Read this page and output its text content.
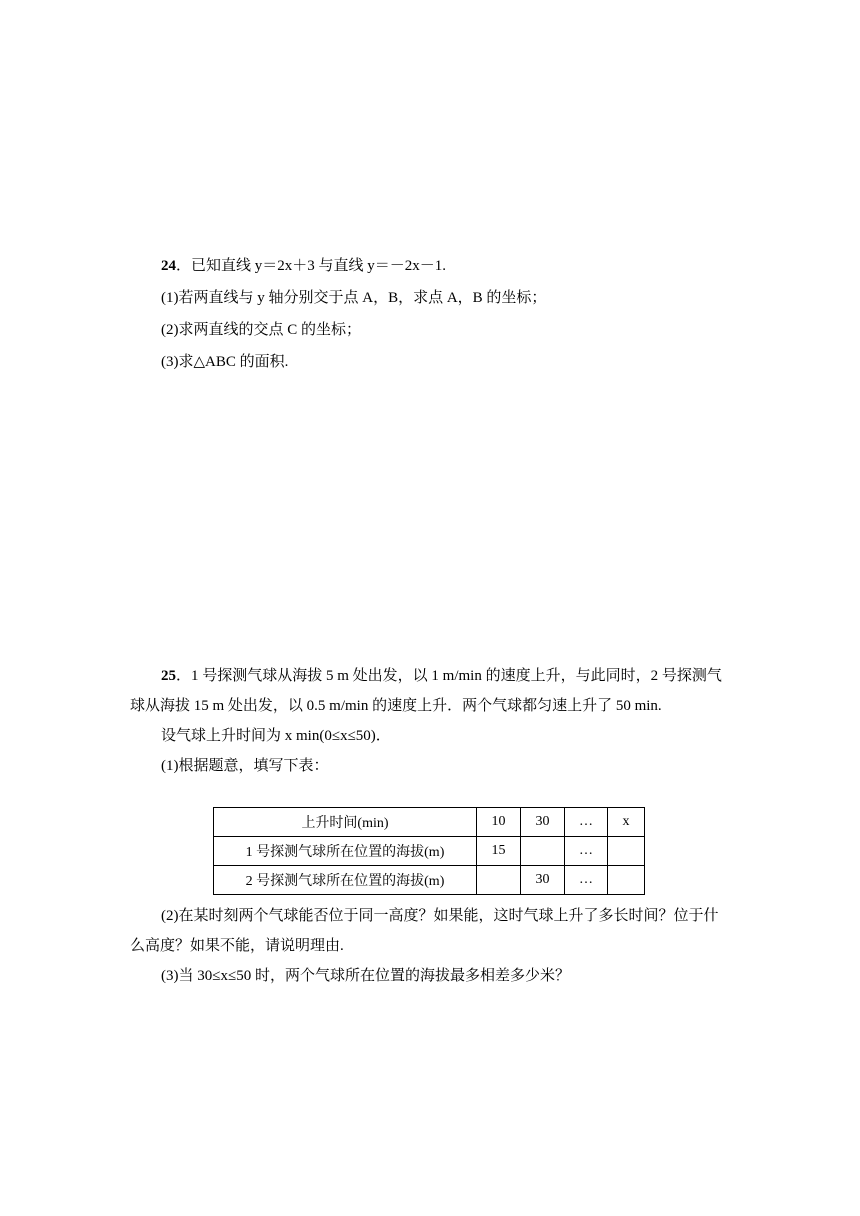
24．已知直线 y＝2x＋3 与直线 y＝－2x－1.
(1)若两直线与 y 轴分别交于点 A，B，求点 A，B 的坐标；
(2)求两直线的交点 C 的坐标；
(3)求△ABC 的面积.
25．1 号探测气球从海拔 5 m 处出发，以 1 m/min 的速度上升，与此同时，2 号探测气
球从海拔 15 m 处出发，以 0.5 m/min 的速度上升．两个气球都匀速上升了 50 min.
设气球上升时间为 x min(0≤x≤50)．
(1)根据题意，填写下表：
上升时间(min)	10	30	…	x
1 号探测气球所在位置的海拔(m)	15		…	
2 号探测气球所在位置的海拔(m)		30	…	
(2)在某时刻两个气球能否位于同一高度？如果能，这时气球上升了多长时间？位于什
么高度？如果不能，请说明理由.
(3)当 30≤x≤50 时，两个气球所在位置的海拔最多相差多少米？
